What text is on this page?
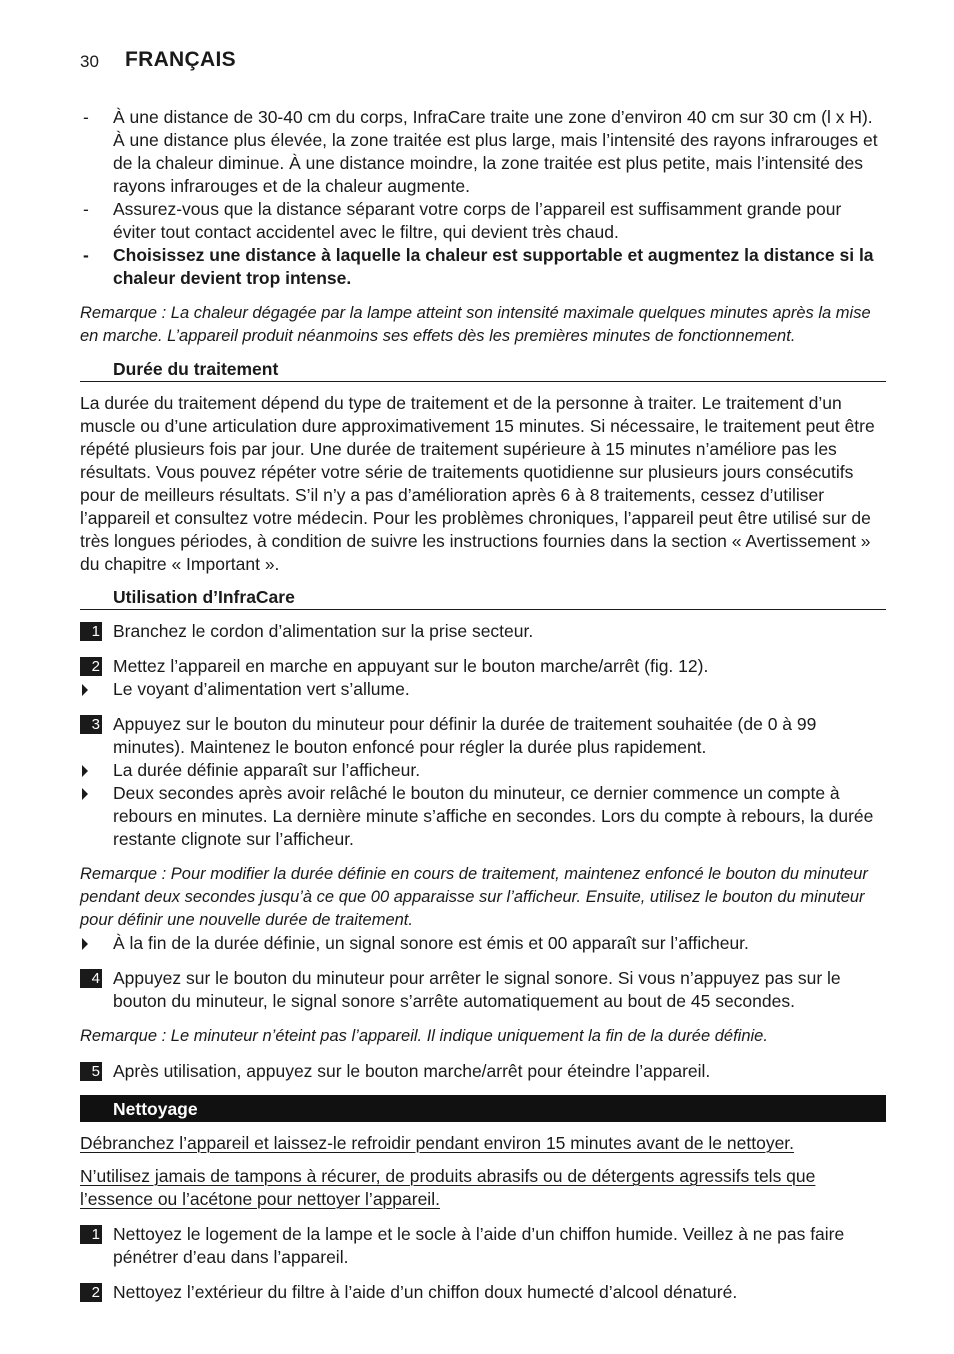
30 FRANÇAIS
- À une distance de 30-40 cm du corps, InfraCare traite une zone d’environ 40 cm sur 30 cm (l x H). À une distance plus élevée, la zone traitée est plus large, mais l’intensité des rayons infrarouges et de la chaleur diminue. À une distance moindre, la zone traitée est plus petite, mais l’intensité des rayons infrarouges et de la chaleur augmente.
- Assurez-vous que la distance séparant votre corps de l’appareil est suffisamment grande pour éviter tout contact accidentel avec le filtre, qui devient très chaud.
- Choisissez une distance à laquelle la chaleur est supportable et augmentez la distance si la chaleur devient trop intense.
Remarque : La chaleur dégagée par la lampe atteint son intensité maximale quelques minutes après la mise en marche. L’appareil produit néanmoins ses effets dès les premières minutes de fonctionnement.
Durée du traitement
La durée du traitement dépend du type de traitement et de la personne à traiter. Le traitement d’un muscle ou d’une articulation dure approximativement 15 minutes. Si nécessaire, le traitement peut être répété plusieurs fois par jour. Une durée de traitement supérieure à 15 minutes n’améliore pas les résultats. Vous pouvez répéter votre série de traitements quotidienne sur plusieurs jours consécutifs pour de meilleurs résultats. S’il n’y a pas d’amélioration après 6 à 8 traitements, cessez d’utiliser l’appareil et consultez votre médecin. Pour les problèmes chroniques, l’appareil peut être utilisé sur de très longues périodes, à condition de suivre les instructions fournies dans la section « Avertissement » du chapitre « Important ».
Utilisation d’InfraCare
1 Branchez le cordon d’alimentation sur la prise secteur.
2 Mettez l’appareil en marche en appuyant sur le bouton marche/arrêt (fig. 12).
Le voyant d’alimentation vert s’allume.
3 Appuyez sur le bouton du minuteur pour définir la durée de traitement souhaitée (de 0 à 99 minutes). Maintenez le bouton enfoncé pour régler la durée plus rapidement.
La durée définie apparaît sur l’afficheur.
Deux secondes après avoir relâché le bouton du minuteur, ce dernier commence un compte à rebours en minutes. La dernière minute s’affiche en secondes. Lors du compte à rebours, la durée restante clignote sur l’afficheur.
Remarque : Pour modifier la durée définie en cours de traitement, maintenez enfoncé le bouton du minuteur pendant deux secondes jusqu’à ce que 00 apparaisse sur l’afficheur. Ensuite, utilisez le bouton du minuteur pour définir une nouvelle durée de traitement.
À la fin de la durée définie, un signal sonore est émis et 00 apparaît sur l’afficheur.
4 Appuyez sur le bouton du minuteur pour arrêter le signal sonore. Si vous n’appuyez pas sur le bouton du minuteur, le signal sonore s’arrête automatiquement au bout de 45 secondes.
Remarque : Le minuteur n’éteint pas l’appareil. Il indique uniquement la fin de la durée définie.
5 Après utilisation, appuyez sur le bouton marche/arrêt pour éteindre l’appareil.
Nettoyage
Débranchez l’appareil et laissez-le refroidir pendant environ 15 minutes avant de le nettoyer.
N’utilisez jamais de tampons à récurer, de produits abrasifs ou de détergents agressifs tels que l’essence ou l’acétone pour nettoyer l’appareil.
1 Nettoyez le logement de la lampe et le socle à l’aide d’un chiffon humide. Veillez à ne pas faire pénétrer d’eau dans l’appareil.
2 Nettoyez l’extérieur du filtre à l’aide d’un chiffon doux humecté d’alcool dénaturé.
